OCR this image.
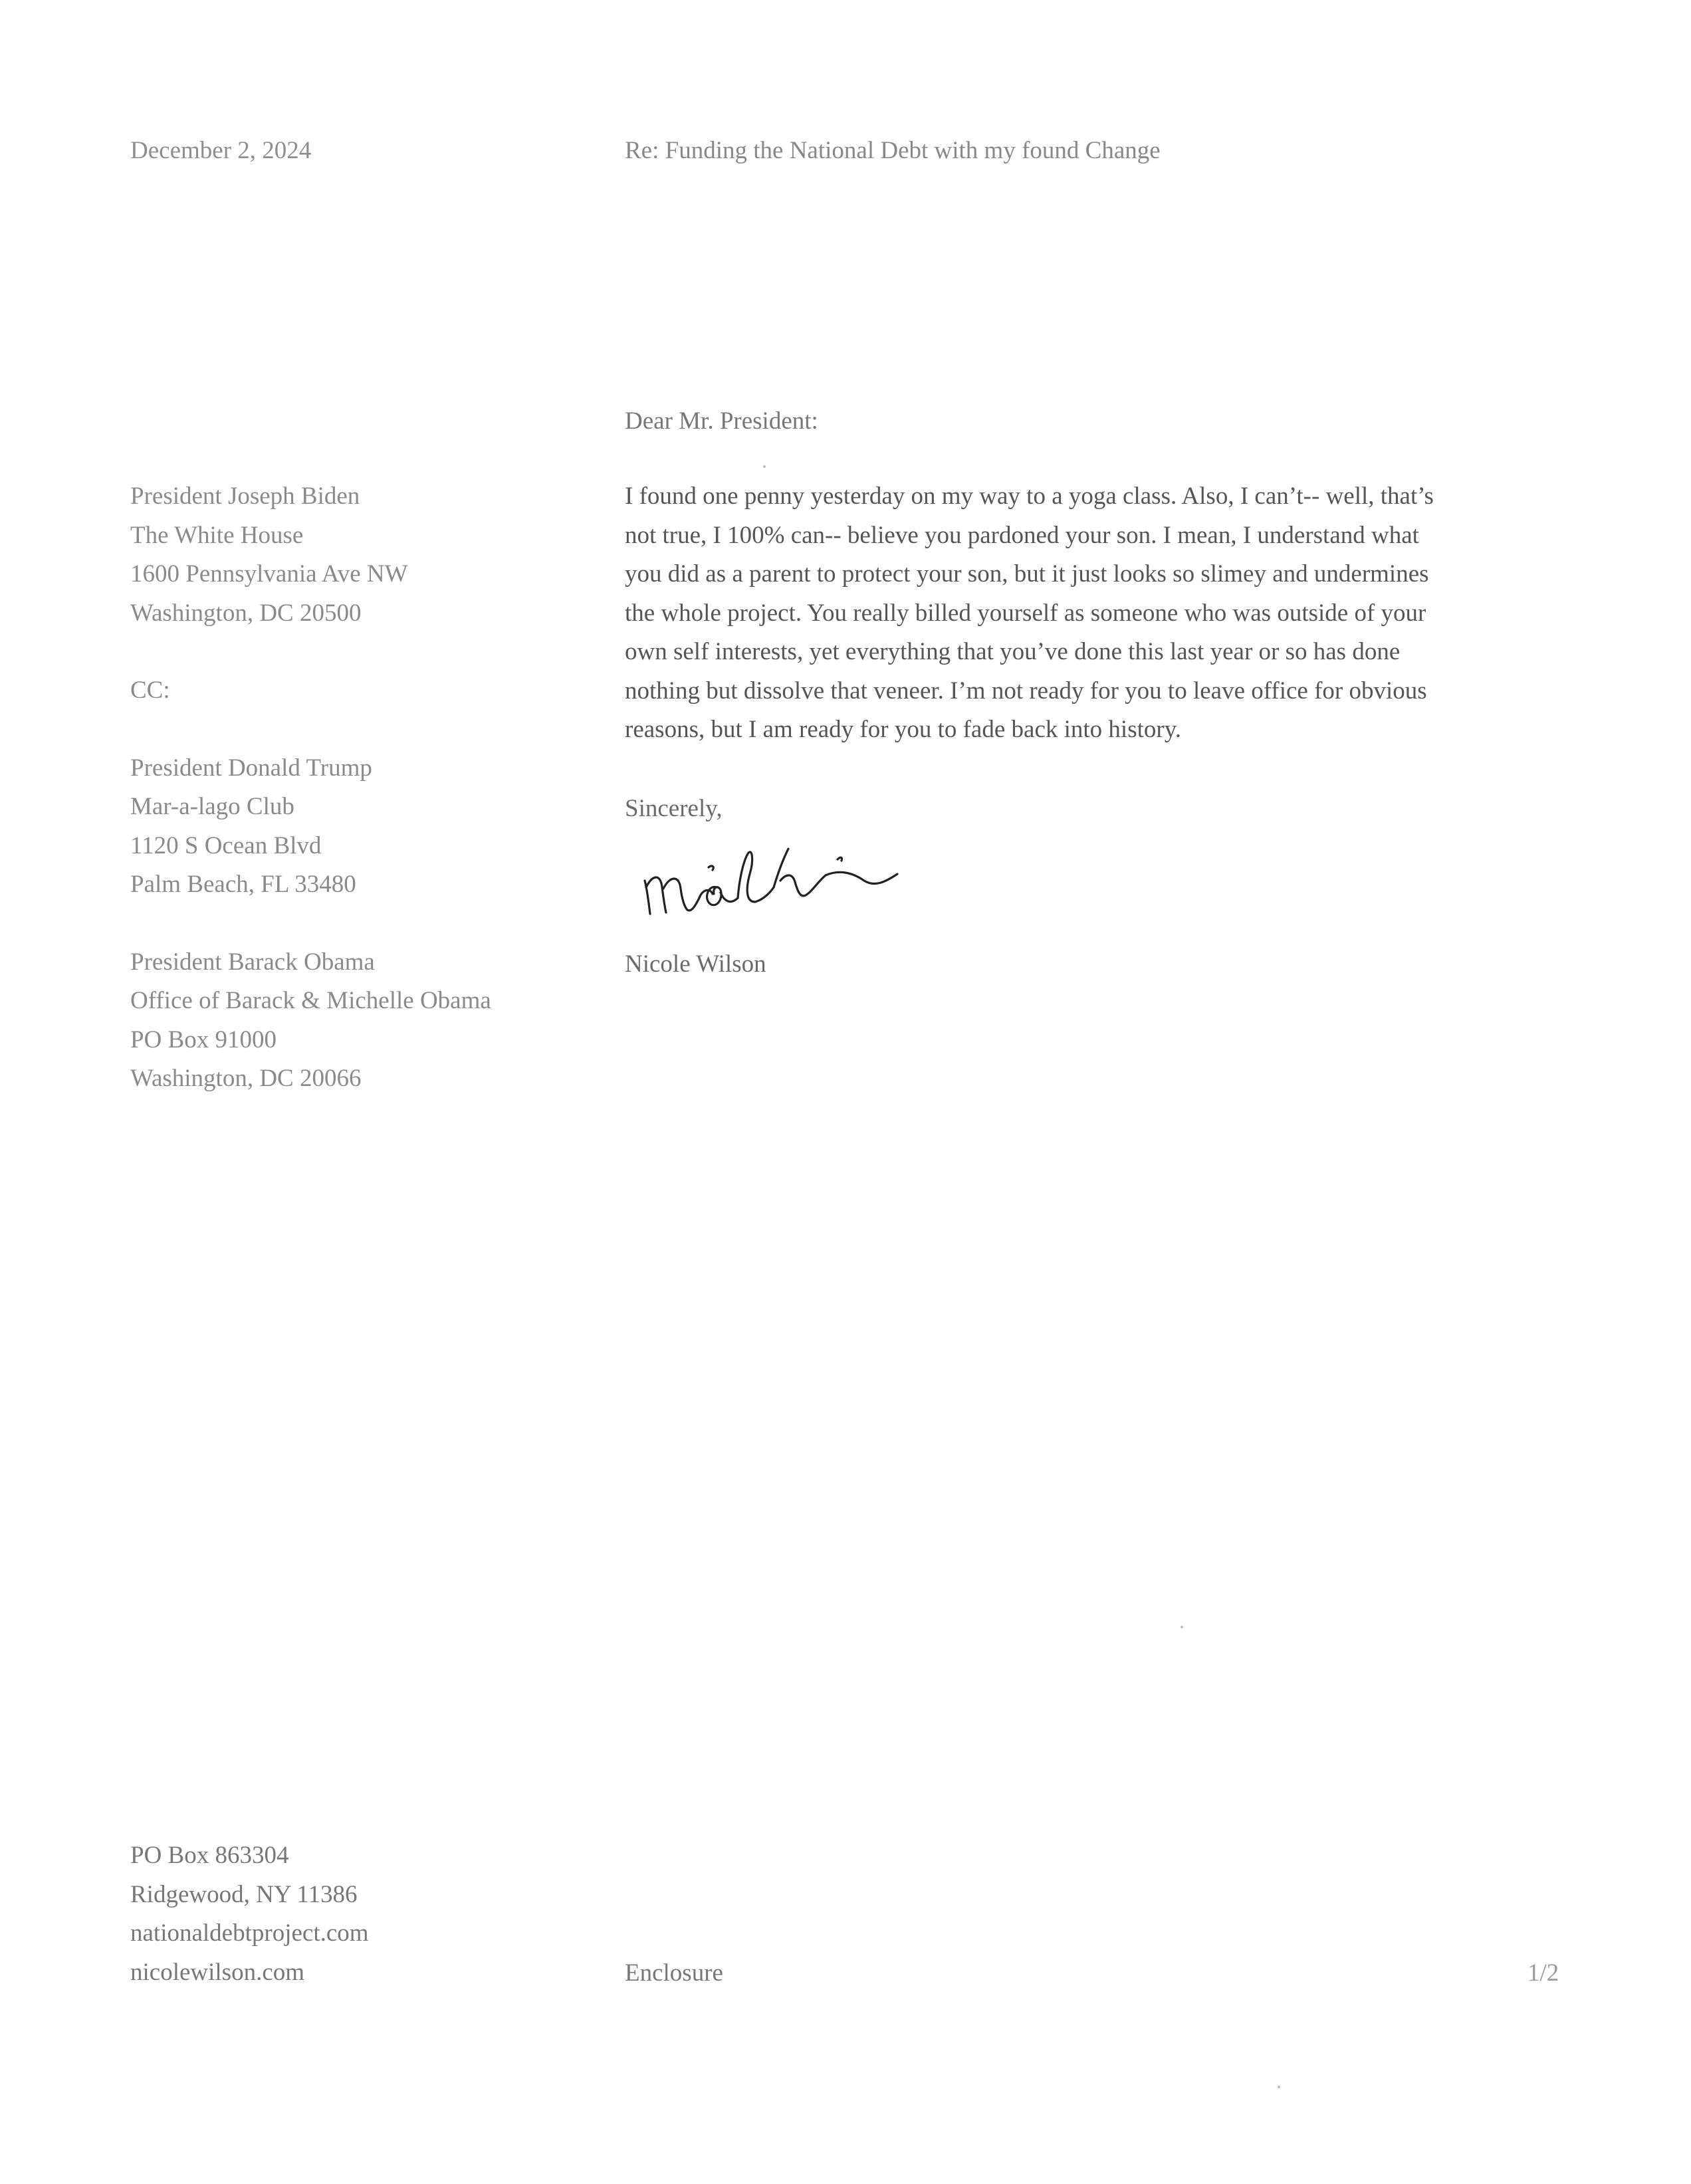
December 2, 2024	Re: Funding the National Debt with my found Change
Dear Mr. President:
President Joseph Biden
The White House
1600 Pennsylvania Ave NW
Washington, DC 20500
CC:
President Donald Trump
Mar-a-lago Club
1120 S Ocean Blvd
Palm Beach, FL 33480
President Barack Obama
Office of Barack & Michelle Obama
PO Box 91000
Washington, DC 20066
I found one penny yesterday on my way to a yoga class. Also, I can’t-- well, that’s
not true, I 100% can-- believe you pardoned your son. I mean, I understand what
you did as a parent to protect your son, but it just looks so slimey and undermines
the whole project. You really billed yourself as someone who was outside of your
own self interests, yet everything that you’ve done this last year or so has done
nothing but dissolve that veneer. I’m not ready for you to leave office for obvious
reasons, but I am ready for you to fade back into history.
Sincerely,
Nicole Wilson
PO Box 863304
Ridgewood, NY 11386
nationaldebtproject.com
nicolewilson.com	Enclosure	1/2
